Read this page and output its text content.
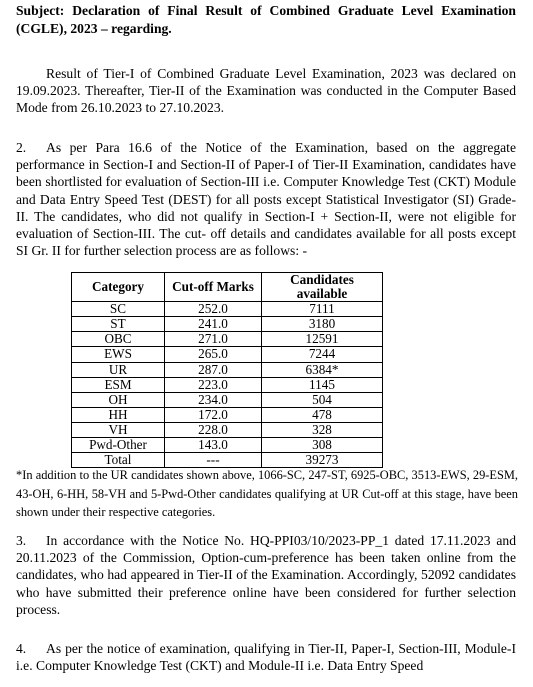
Subject: Declaration of Final Result of Combined Graduate Level Examination (CGLE), 2023 – regarding.
Result of Tier-I of Combined Graduate Level Examination, 2023 was declared on 19.09.2023. Thereafter, Tier-II of the Examination was conducted in the Computer Based Mode from 26.10.2023 to 27.10.2023.
2. As per Para 16.6 of the Notice of the Examination, based on the aggregate performance in Section-I and Section-II of Paper-I of Tier-II Examination, candidates have been shortlisted for evaluation of Section-III i.e. Computer Knowledge Test (CKT) Module and Data Entry Speed Test (DEST) for all posts except Statistical Investigator (SI) Grade-II. The candidates, who did not qualify in Section-I + Section-II, were not eligible for evaluation of Section-III. The cut- off details and candidates available for all posts except SI Gr. II for further selection process are as follows: -
Category	Cut-off Marks	Candidates available
SC	252.0	7111
ST	241.0	3180
OBC	271.0	12591
EWS	265.0	7244
UR	287.0	6384*
ESM	223.0	1145
OH	234.0	504
HH	172.0	478
VH	228.0	328
Pwd-Other	143.0	308
Total	---	39273
*In addition to the UR candidates shown above, 1066-SC, 247-ST, 6925-OBC, 3513-EWS, 29-ESM, 43-OH, 6-HH, 58-VH and 5-Pwd-Other candidates qualifying at UR Cut-off at this stage, have been shown under their respective categories.
3. In accordance with the Notice No. HQ-PPI03/10/2023-PP_1 dated 17.11.2023 and 20.11.2023 of the Commission, Option-cum-preference has been taken online from the candidates, who had appeared in Tier-II of the Examination. Accordingly, 52092 candidates who have submitted their preference online have been considered for further selection process.
4. As per the notice of examination, qualifying in Tier-II, Paper-I, Section-III, Module-I i.e. Computer Knowledge Test (CKT) and Module-II i.e. Data Entry Speed
